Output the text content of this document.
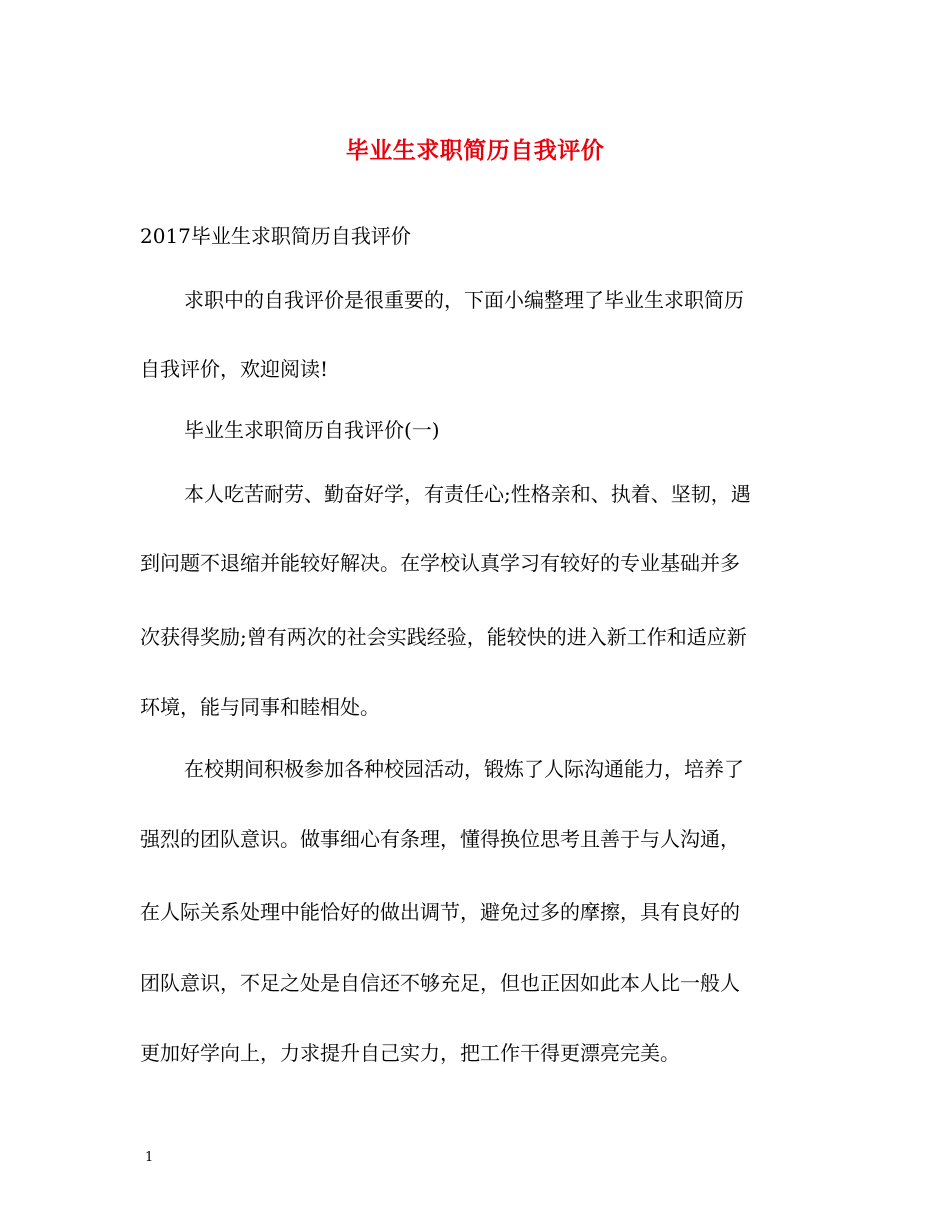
毕业生求职简历自我评价
2017毕业生求职简历自我评价
求职中的自我评价是很重要的，下面小编整理了毕业生求职简历
自我评价，欢迎阅读!
毕业生求职简历自我评价(一)
本人吃苦耐劳、勤奋好学，有责任心;性格亲和、执着、坚韧，遇
到问题不退缩并能较好解决。在学校认真学习有较好的专业基础并多
次获得奖励;曾有两次的社会实践经验，能较快的进入新工作和适应新
环境，能与同事和睦相处。
在校期间积极参加各种校园活动，锻炼了人际沟通能力，培养了
强烈的团队意识。做事细心有条理，懂得换位思考且善于与人沟通，
在人际关系处理中能恰好的做出调节，避免过多的摩擦，具有良好的
团队意识，不足之处是自信还不够充足，但也正因如此本人比一般人
更加好学向上，力求提升自己实力，把工作干得更漂亮完美。
1
